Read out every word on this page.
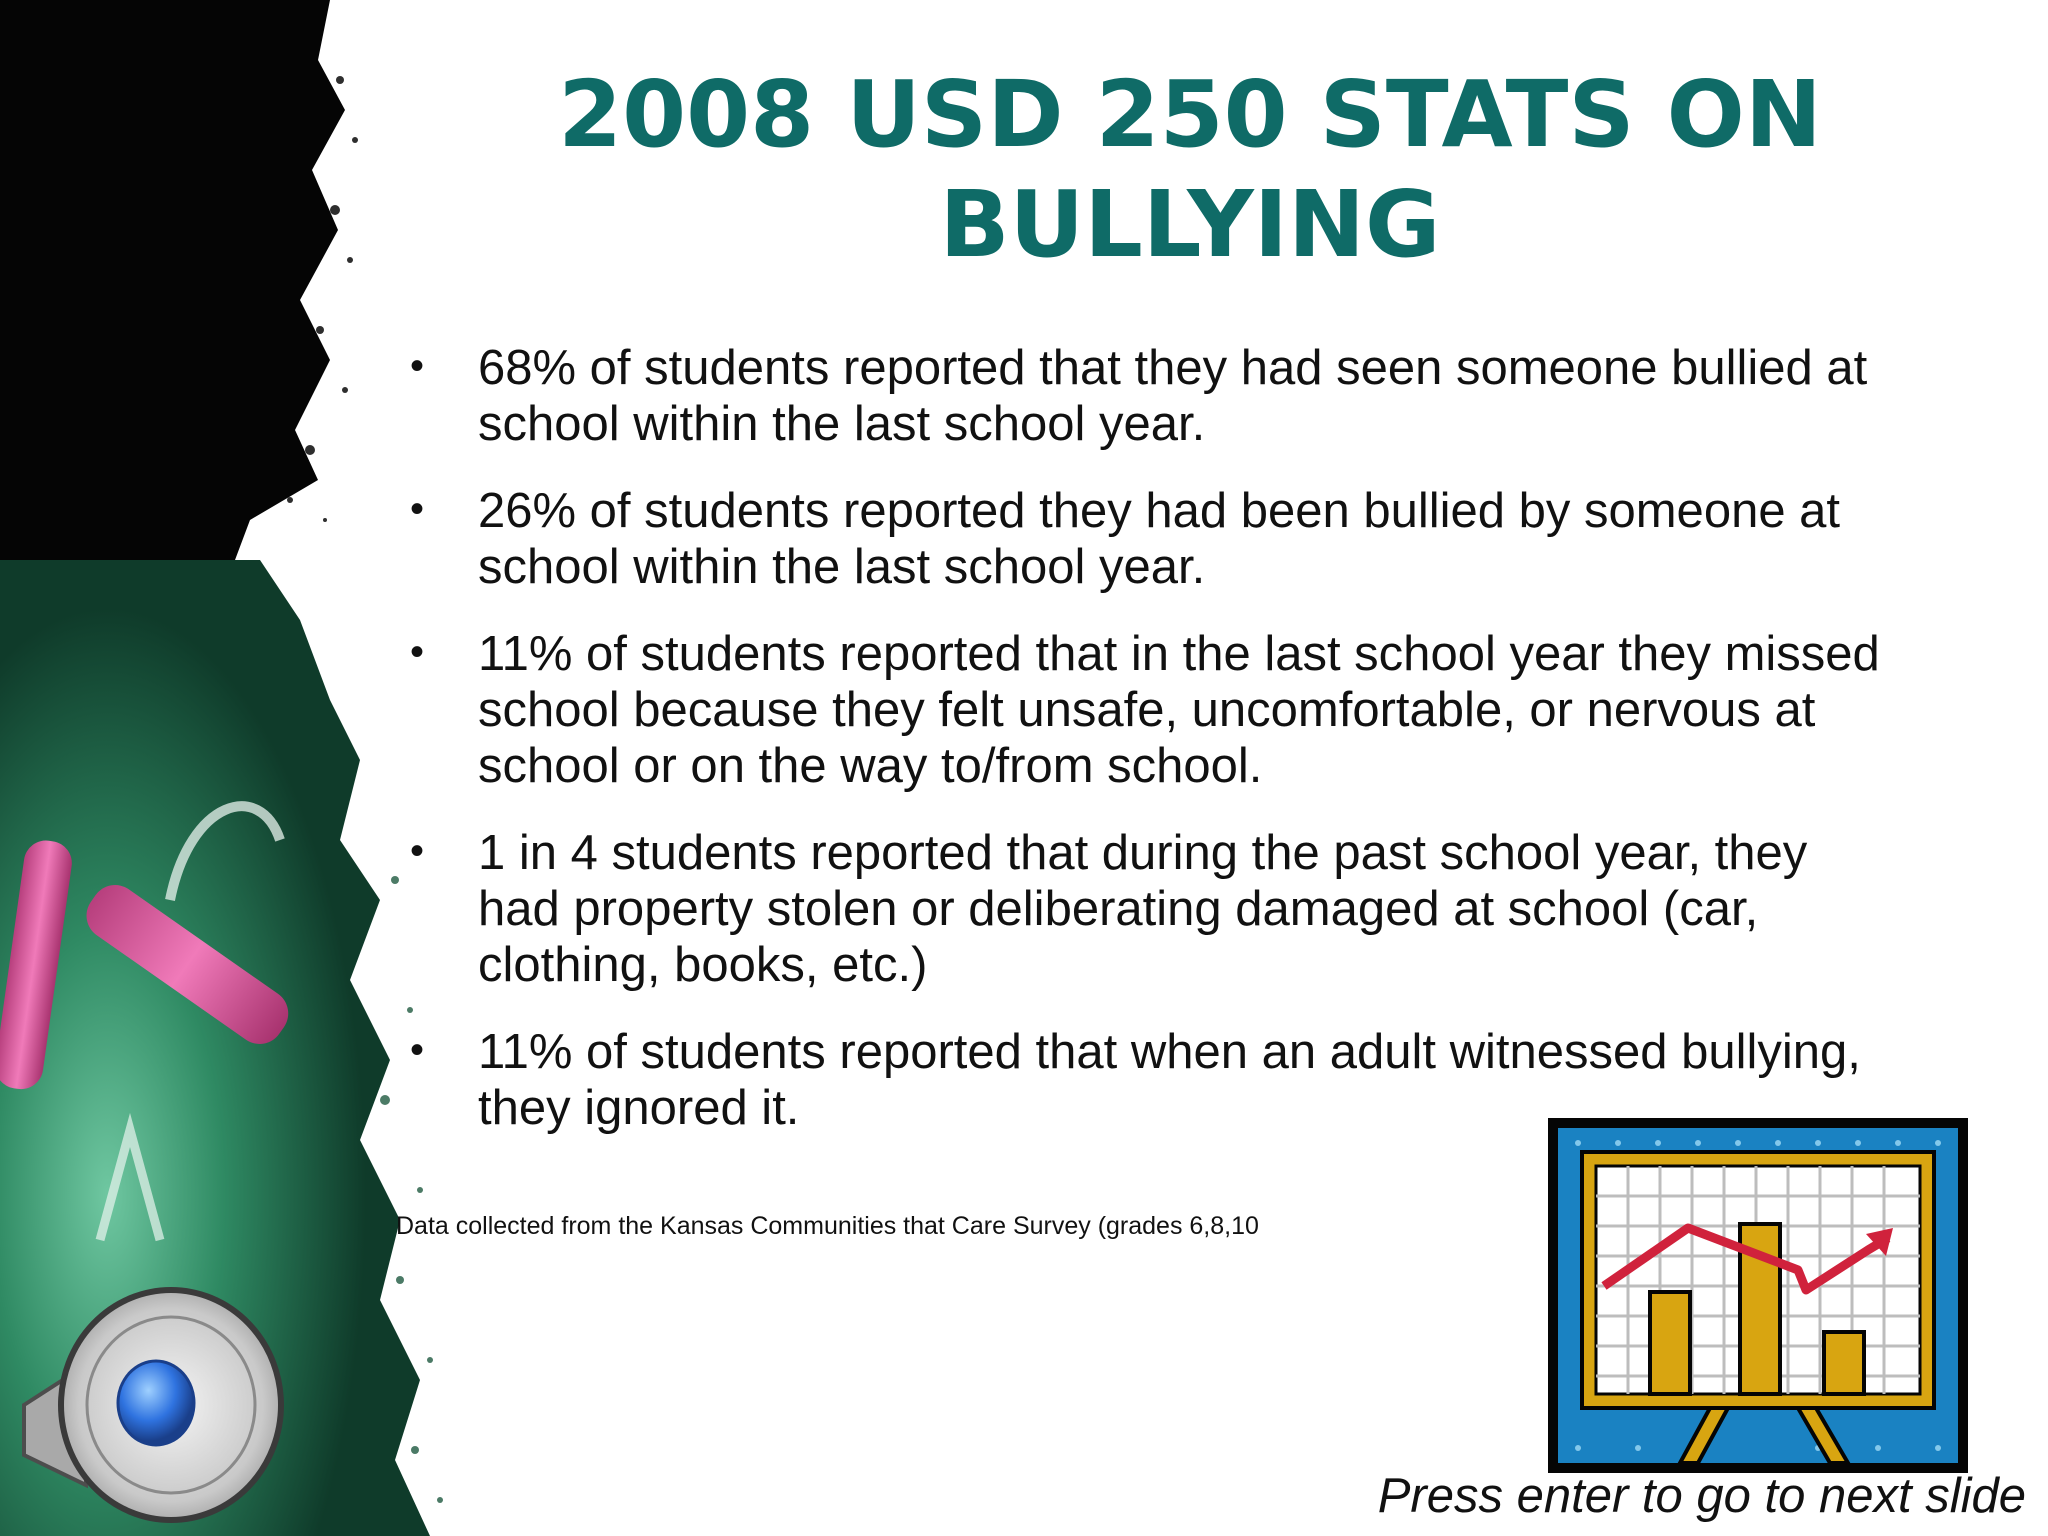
2008 USD 250 STATS ON BULLYING
• 68% of students reported that they had seen someone bullied at school within the last school year.
• 26% of students reported they had been bullied by someone at school within the last school year.
• 11% of students reported that in the last school year they missed school because they felt unsafe, uncomfortable, or nervous at school or on the way to/from school.
• 1 in 4 students reported that during the past school year, they had property stolen or deliberating damaged at school (car, clothing, books, etc.)
• 11% of students reported that when an adult witnessed bullying, they ignored it.
Data collected from the Kansas Communities that Care Survey (grades 6,8,10
Press enter to go to next slide
